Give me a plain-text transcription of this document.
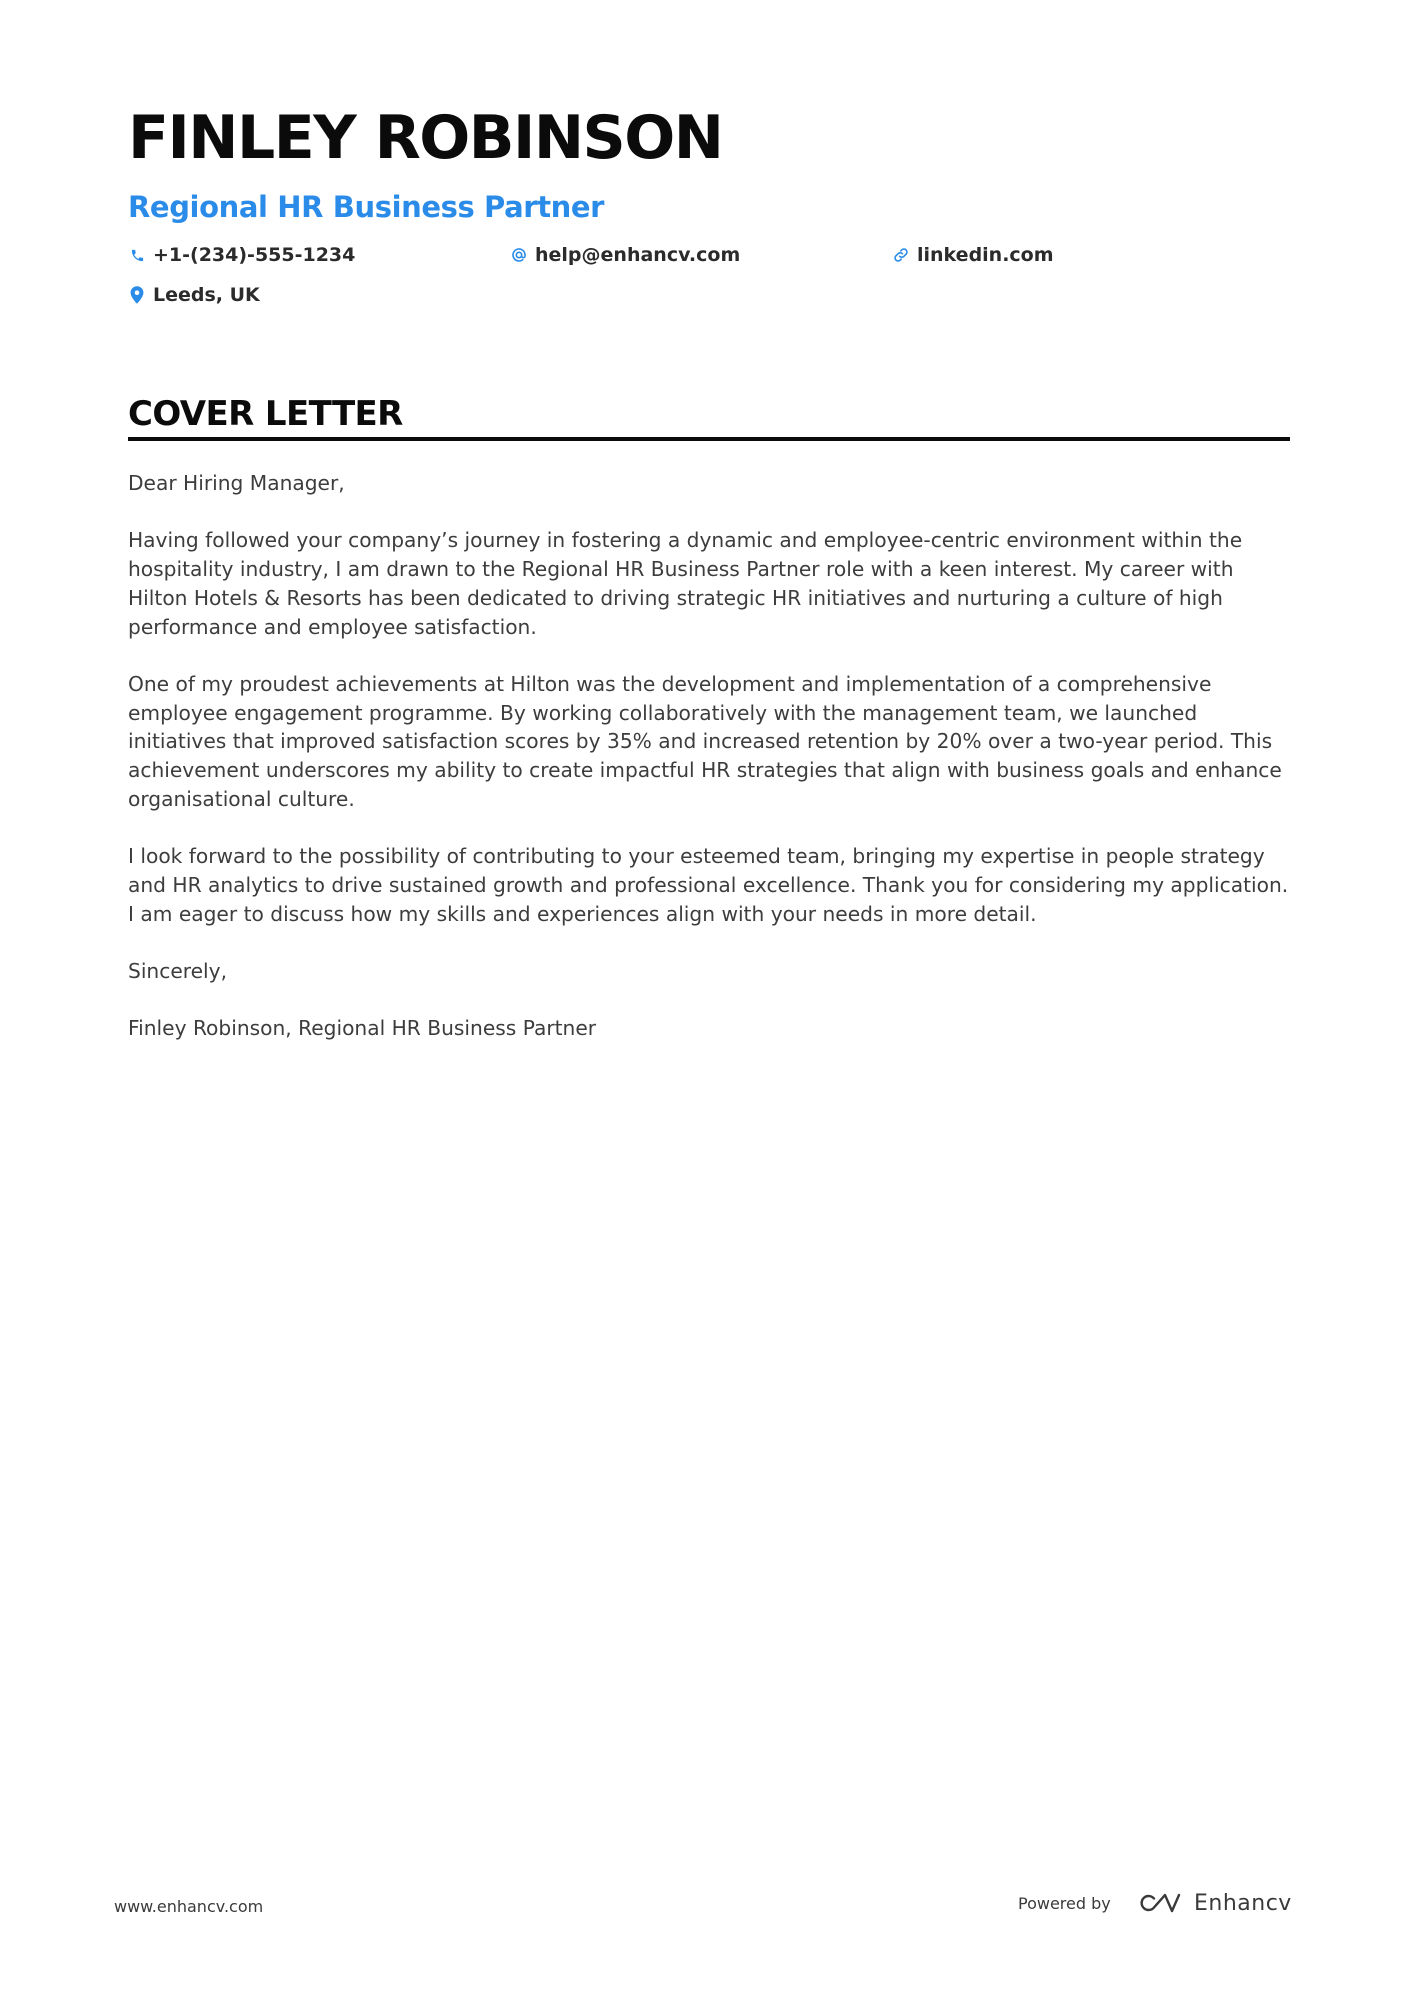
FINLEY ROBINSON
Regional HR Business Partner
+1-(234)-555-1234	help@enhancv.com	linkedin.com
Leeds, UK
COVER LETTER

Dear Hiring Manager,

Having followed your company’s journey in fostering a dynamic and employee-centric environment within the hospitality industry, I am drawn to the Regional HR Business Partner role with a keen interest. My career with Hilton Hotels & Resorts has been dedicated to driving strategic HR initiatives and nurturing a culture of high performance and employee satisfaction.

One of my proudest achievements at Hilton was the development and implementation of a comprehensive employee engagement programme. By working collaboratively with the management team, we launched initiatives that improved satisfaction scores by 35% and increased retention by 20% over a two-year period. This achievement underscores my ability to create impactful HR strategies that align with business goals and enhance organisational culture.

I look forward to the possibility of contributing to your esteemed team, bringing my expertise in people strategy and HR analytics to drive sustained growth and professional excellence. Thank you for considering my application. I am eager to discuss how my skills and experiences align with your needs in more detail.

Sincerely,

Finley Robinson, Regional HR Business Partner

www.enhancv.com	Powered by	Enhancv
